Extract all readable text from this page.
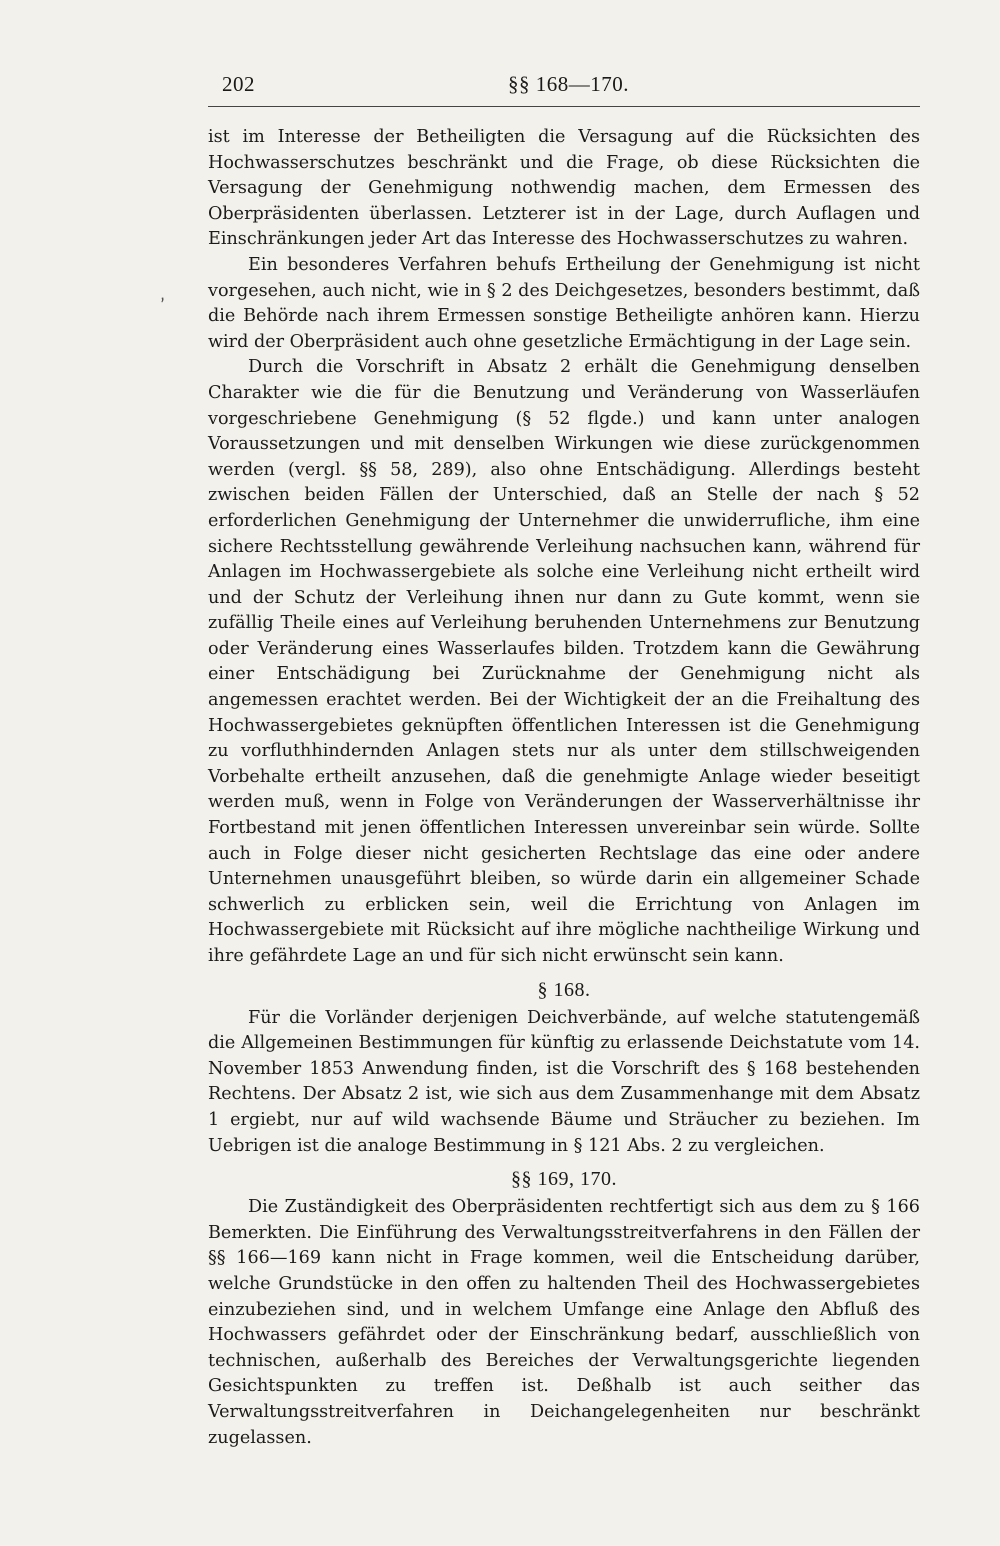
‚
202	§§ 168—170.

ist im Interesse der Betheiligten die Versagung auf die Rücksichten des Hochwasserschutzes beschränkt und die Frage, ob diese Rücksichten die Versagung der Genehmigung nothwendig machen, dem Ermessen des Oberpräsidenten überlassen. Letzterer ist in der Lage, durch Auflagen und Einschränkungen jeder Art das Interesse des Hochwasserschutzes zu wahren.

Ein besonderes Verfahren behufs Ertheilung der Genehmigung ist nicht vorgesehen, auch nicht, wie in § 2 des Deichgesetzes, besonders bestimmt, daß die Behörde nach ihrem Ermessen sonstige Betheiligte anhören kann. Hierzu wird der Oberpräsident auch ohne gesetzliche Ermächtigung in der Lage sein.

Durch die Vorschrift in Absatz 2 erhält die Genehmigung denselben Charakter wie die für die Benutzung und Veränderung von Wasserläufen vorgeschriebene Genehmigung (§ 52 flgde.) und kann unter analogen Voraussetzungen und mit denselben Wirkungen wie diese zurückgenommen werden (vergl. §§ 58, 289), also ohne Entschädigung. Allerdings besteht zwischen beiden Fällen der Unterschied, daß an Stelle der nach § 52 erforderlichen Genehmigung der Unternehmer die unwiderrufliche, ihm eine sichere Rechtsstellung gewährende Verleihung nachsuchen kann, während für Anlagen im Hochwassergebiete als solche eine Verleihung nicht ertheilt wird und der Schutz der Verleihung ihnen nur dann zu Gute kommt, wenn sie zufällig Theile eines auf Verleihung beruhenden Unternehmens zur Benutzung oder Veränderung eines Wasserlaufes bilden. Trotzdem kann die Gewährung einer Entschädigung bei Zurücknahme der Genehmigung nicht als angemessen erachtet werden. Bei der Wichtigkeit der an die Freihaltung des Hochwassergebietes geknüpften öffentlichen Interessen ist die Genehmigung zu vorfluthhindernden Anlagen stets nur als unter dem stillschweigenden Vorbehalte ertheilt anzusehen, daß die genehmigte Anlage wieder beseitigt werden muß, wenn in Folge von Veränderungen der Wasserverhältnisse ihr Fortbestand mit jenen öffentlichen Interessen unvereinbar sein würde. Sollte auch in Folge dieser nicht gesicherten Rechtslage das eine oder andere Unternehmen unausgeführt bleiben, so würde darin ein allgemeiner Schade schwerlich zu erblicken sein, weil die Errichtung von Anlagen im Hochwassergebiete mit Rücksicht auf ihre mögliche nachtheilige Wirkung und ihre gefährdete Lage an und für sich nicht erwünscht sein kann.

§ 168.

Für die Vorländer derjenigen Deichverbände, auf welche statutengemäß die Allgemeinen Bestimmungen für künftig zu erlassende Deichstatute vom 14. November 1853 Anwendung finden, ist die Vorschrift des § 168 bestehenden Rechtens. Der Absatz 2 ist, wie sich aus dem Zusammenhange mit dem Absatz 1 ergiebt, nur auf wild wachsende Bäume und Sträucher zu beziehen. Im Uebrigen ist die analoge Bestimmung in § 121 Abs. 2 zu vergleichen.

§§ 169, 170.

Die Zuständigkeit des Oberpräsidenten rechtfertigt sich aus dem zu § 166 Bemerkten. Die Einführung des Verwaltungsstreitverfahrens in den Fällen der §§ 166—169 kann nicht in Frage kommen, weil die Entscheidung darüber, welche Grundstücke in den offen zu haltenden Theil des Hochwassergebietes einzubeziehen sind, und in welchem Umfange eine Anlage den Abfluß des Hochwassers gefährdet oder der Einschränkung bedarf, ausschließlich von technischen, außerhalb des Bereiches der Verwaltungsgerichte liegenden Gesichtspunkten zu treffen ist. Deßhalb ist auch seither das Verwaltungsstreitverfahren in Deichangelegenheiten nur beschränkt zugelassen.
